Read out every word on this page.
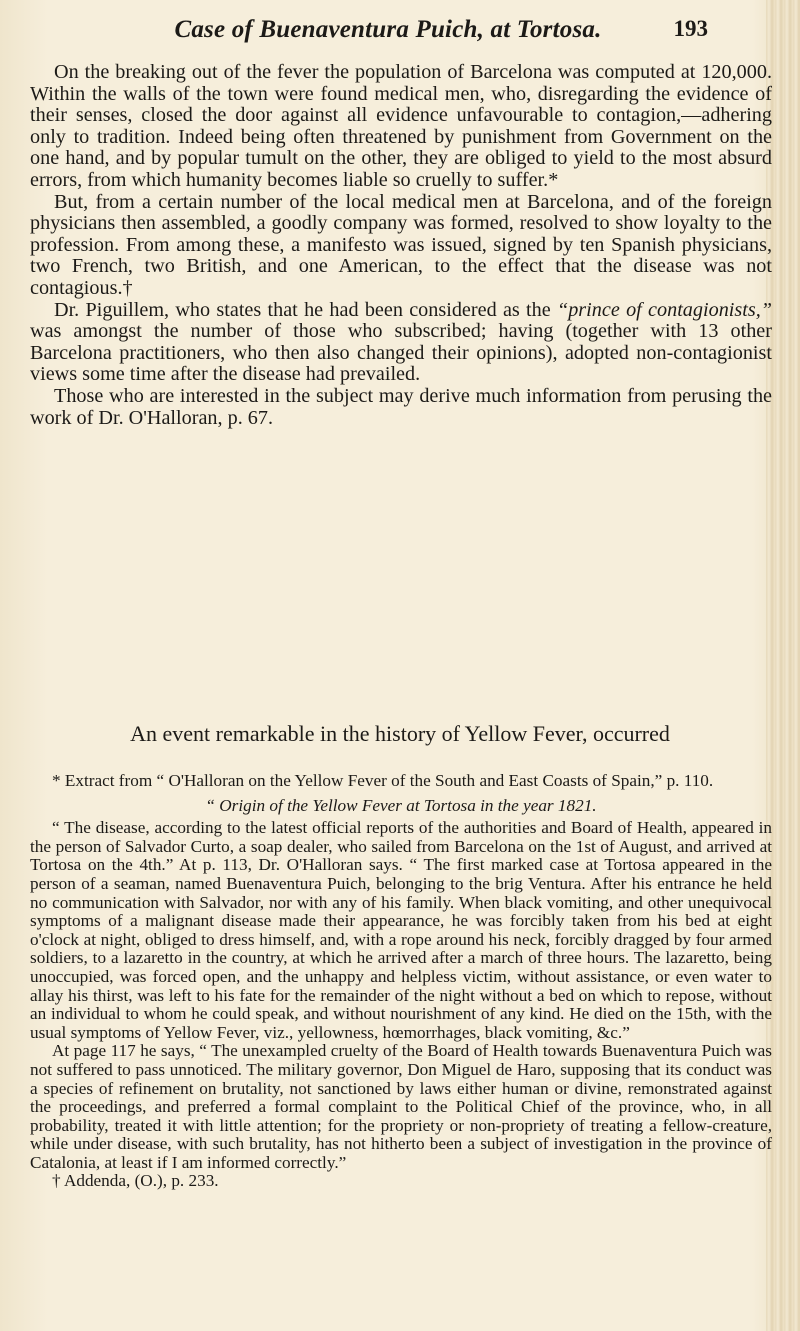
Case of Buenaventura Puich, at Tortosa.	193

On the breaking out of the fever the population of Barcelona was computed at 120,000. Within the walls of the town were found medical men, who, disregarding the evidence of their senses, closed the door against all evidence unfavourable to contagion,—adhering only to tradition. Indeed being often threatened by punishment from Government on the one hand, and by popular tumult on the other, they are obliged to yield to the most absurd errors, from which humanity becomes liable so cruelly to suffer.*

But, from a certain number of the local medical men at Barcelona, and of the foreign physicians then assembled, a goodly company was formed, resolved to show loyalty to the profession. From among these, a manifesto was issued, signed by ten Spanish physicians, two French, two British, and one American, to the effect that the disease was not contagious.†

Dr. Piguillem, who states that he had been considered as the “prince of contagionists,” was amongst the number of those who subscribed; having (together with 13 other Barcelona practitioners, who then also changed their opinions), adopted non-contagionist views some time after the disease had prevailed.

Those who are interested in the subject may derive much information from perusing the work of Dr. O'Halloran, p. 67.

An event remarkable in the history of Yellow Fever, occurred

* Extract from “ O'Halloran on the Yellow Fever of the South and East Coasts of Spain,” p. 110.

“ Origin of the Yellow Fever at Tortosa in the year 1821.

“ The disease, according to the latest official reports of the authorities and Board of Health, appeared in the person of Salvador Curto, a soap dealer, who sailed from Barcelona on the 1st of August, and arrived at Tortosa on the 4th.” At p. 113, Dr. O'Halloran says. “ The first marked case at Tortosa appeared in the person of a seaman, named Buenaventura Puich, belonging to the brig Ventura. After his entrance he held no communication with Salvador, nor with any of his family. When black vomiting, and other unequivocal symptoms of a malignant disease made their appearance, he was forcibly taken from his bed at eight o'clock at night, obliged to dress himself, and, with a rope around his neck, forcibly dragged by four armed soldiers, to a lazaretto in the country, at which he arrived after a march of three hours. The lazaretto, being unoccupied, was forced open, and the unhappy and helpless victim, without assistance, or even water to allay his thirst, was left to his fate for the remainder of the night without a bed on which to repose, without an individual to whom he could speak, and without nourishment of any kind. He died on the 15th, with the usual symptoms of Yellow Fever, viz., yellowness, hœmorrhages, black vomiting, &c.”

At page 117 he says, “ The unexampled cruelty of the Board of Health towards Buenaventura Puich was not suffered to pass unnoticed. The military governor, Don Miguel de Haro, supposing that its conduct was a species of refinement on brutality, not sanctioned by laws either human or divine, remonstrated against the proceedings, and preferred a formal complaint to the Political Chief of the province, who, in all probability, treated it with little attention; for the propriety or non-propriety of treating a fellow-creature, while under disease, with such brutality, has not hitherto been a subject of investigation in the province of Catalonia, at least if I am informed correctly.”

† Addenda, (O.), p. 233.
